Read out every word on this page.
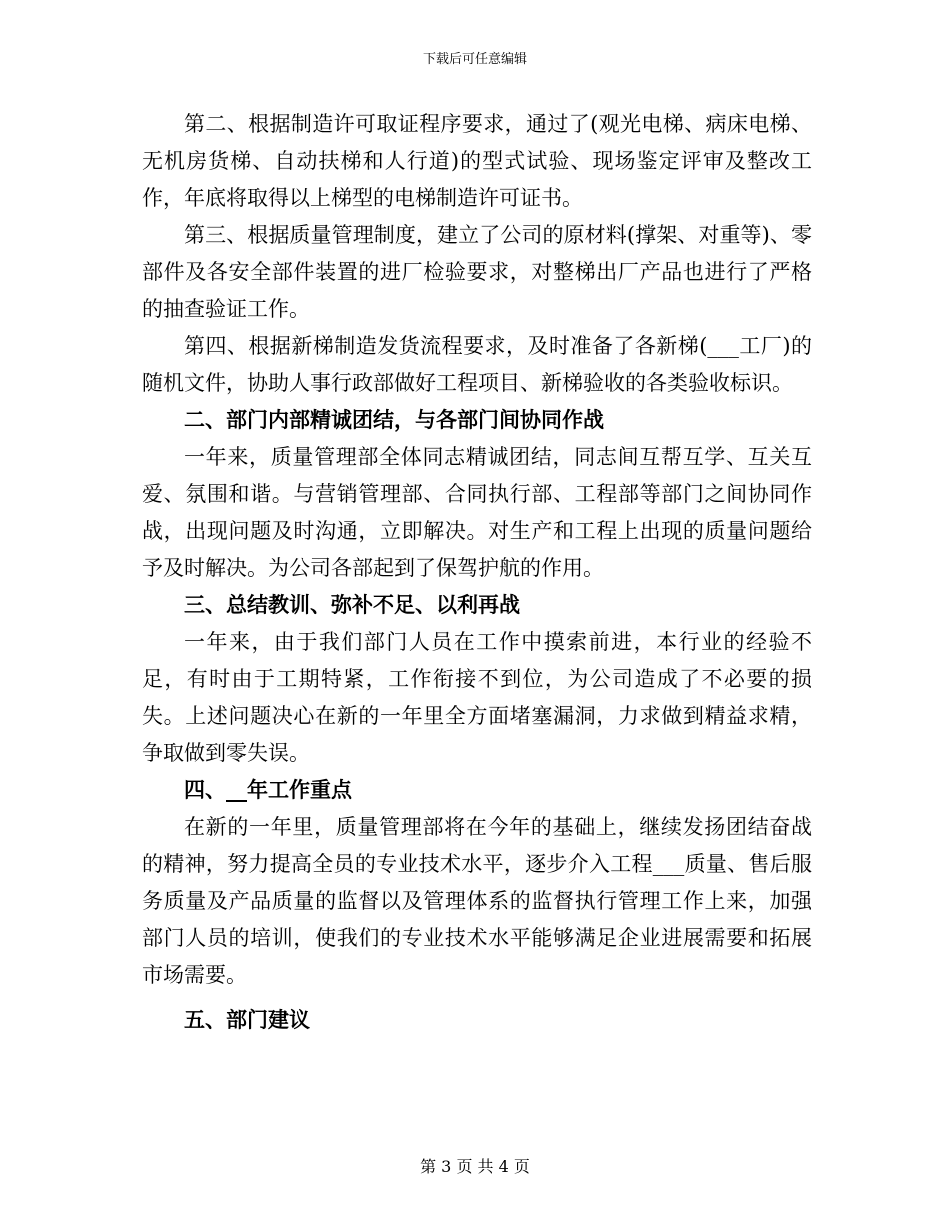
下载后可任意编辑

第二、根据制造许可取证程序要求，通过了(观光电梯、病床电梯、无机房货梯、自动扶梯和人行道)的型式试验、现场鉴定评审及整改工作，年底将取得以上梯型的电梯制造许可证书。

第三、根据质量管理制度，建立了公司的原材料(撑架、对重等)、零部件及各安全部件装置的进厂检验要求，对整梯出厂产品也进行了严格的抽查验证工作。

第四、根据新梯制造发货流程要求，及时准备了各新梯(___工厂)的随机文件，协助人事行政部做好工程项目、新梯验收的各类验收标识。

二、部门内部精诚团结，与各部门间协同作战

一年来，质量管理部全体同志精诚团结，同志间互帮互学、互关互爱、氛围和谐。与营销管理部、合同执行部、工程部等部门之间协同作战，出现问题及时沟通，立即解决。对生产和工程上出现的质量问题给予及时解决。为公司各部起到了保驾护航的作用。

三、总结教训、弥补不足、以利再战

一年来，由于我们部门人员在工作中摸索前进，本行业的经验不足，有时由于工期特紧，工作衔接不到位，为公司造成了不必要的损失。上述问题决心在新的一年里全方面堵塞漏洞，力求做到精益求精，争取做到零失误。

四、__年工作重点

在新的一年里，质量管理部将在今年的基础上，继续发扬团结奋战的精神，努力提高全员的专业技术水平，逐步介入工程___质量、售后服务质量及产品质量的监督以及管理体系的监督执行管理工作上来，加强部门人员的培训，使我们的专业技术水平能够满足企业进展需要和拓展市场需要。

五、部门建议

第 3 页 共 4 页
